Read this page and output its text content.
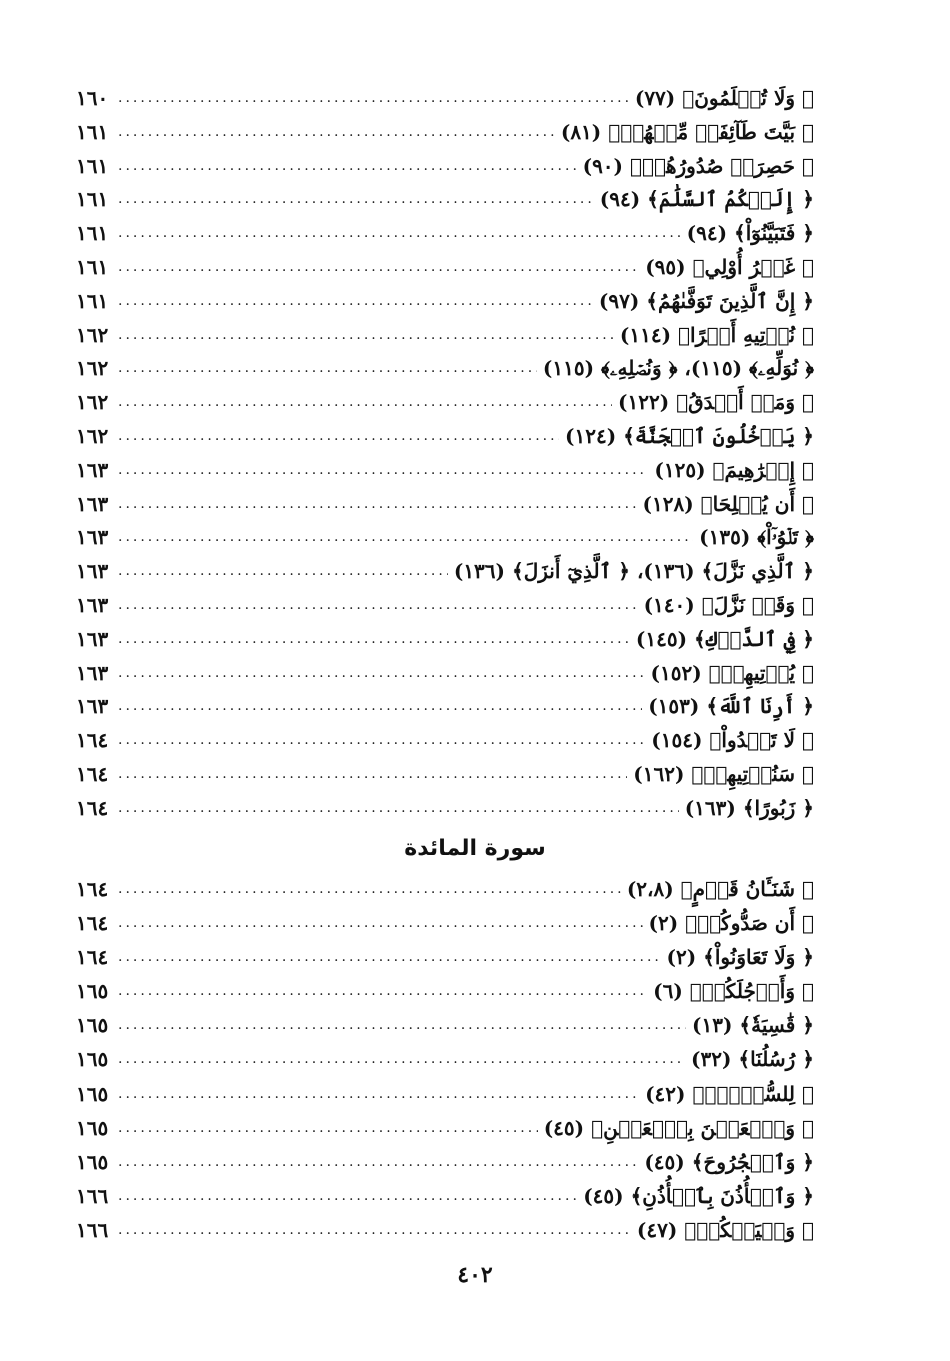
﴿ وَلَا تُظۡلَمُونَ﴾ (٧٧)
.....
١٦٠
﴿ بَيَّتَ طَآئِفَةٞ مِّنۡهُمۡ﴾ (٨١)
.....
١٦١
﴿ حَصِرَتۡ صُدُورُهُمۡ﴾ (٩٠)
.....
١٦١
﴿ إِلَيۡكُمُ ٱلسَّلَٰمَ﴾ (٩٤)
.....
١٦١
﴿ فَتَبَيَّنُوٓاْ﴾ (٩٤)
.....
١٦١
﴿ غَيۡرُ أُوْلِي﴾ (٩٥)
.....
١٦١
﴿ إِنَّ ٱلَّذِينَ تَوَفَّىٰهُمُ﴾ (٩٧)
.....
١٦١
﴿ نُؤۡتِيهِ أَجۡرًا﴾ (١١٤)
.....
١٦٢
﴿ نُوَلِّهِۦ﴾ (١١٥)، ﴿ وَنُصۡلِهِۦ﴾ (١١٥)
.....
١٦٢
﴿ وَمَنۡ أَصۡدَقُ﴾ (١٢٢)
.....
١٦٢
﴿ يَدۡخُلُونَ ٱلۡجَنَّةَ﴾ (١٢٤)
.....
١٦٢
﴿ إِبۡرَٰهِيمَ﴾ (١٢٥)
.....
١٦٣
﴿ أَن يُصۡلِحَا﴾ (١٢٨)
.....
١٦٣
﴿ تَلۡوُۥٓاْ﴾ (١٣٥)
.....
١٦٣
﴿ ٱلَّذِي نَزَّلَ﴾ (١٣٦)، ﴿ ٱلَّذِيٓ أَنزَلَ﴾ (١٣٦)
.....
١٦٣
﴿ وَقَدۡ نَزَّلَ﴾ (١٤٠)
.....
١٦٣
﴿ فِي ٱلدَّرۡكِ﴾ (١٤٥)
.....
١٦٣
﴿ يُؤۡتِيهِمۡ﴾ (١٥٢)
.....
١٦٣
﴿ أَرِنَا ٱللَّهَ﴾ (١٥٣)
.....
١٦٣
﴿ لَا تَعۡدُواْ﴾ (١٥٤)
.....
١٦٤
﴿ سَنُؤۡتِيهِمۡ﴾ (١٦٢)
.....
١٦٤
﴿ زَبُورًا﴾ (١٦٣)
.....
١٦٤
سورة المائدة
﴿ شَنَـَٔانُ قَوۡمٍ﴾ (٢،٨)
.....
١٦٤
﴿ أَن صَدُّوكُمۡ﴾ (٢)
.....
١٦٤
﴿ وَلَا تَعَاوَنُواْ﴾ (٢)
.....
١٦٤
﴿ وَأَرۡجُلَكُمۡ﴾ (٦)
.....
١٦٥
﴿ قَٰسِيَةٗ﴾ (١٣)
.....
١٦٥
﴿ رُسُلُنَا﴾ (٣٢)
.....
١٦٥
﴿ لِلسُّحۡتِۚ﴾ (٤٢)
.....
١٦٥
﴿ وَٱلۡعَيۡنَ بِٱلۡعَيۡنِ﴾ (٤٥)
.....
١٦٥
﴿ وَٱلۡجُرُوحَ﴾ (٤٥)
.....
١٦٥
﴿ وَٱلۡأُذُنَ بِٱلۡأُذُنِ﴾ (٤٥)
.....
١٦٦
﴿ وَلۡيَحۡكُمۡ﴾ (٤٧)
.....
١٦٦
٤٠٢
